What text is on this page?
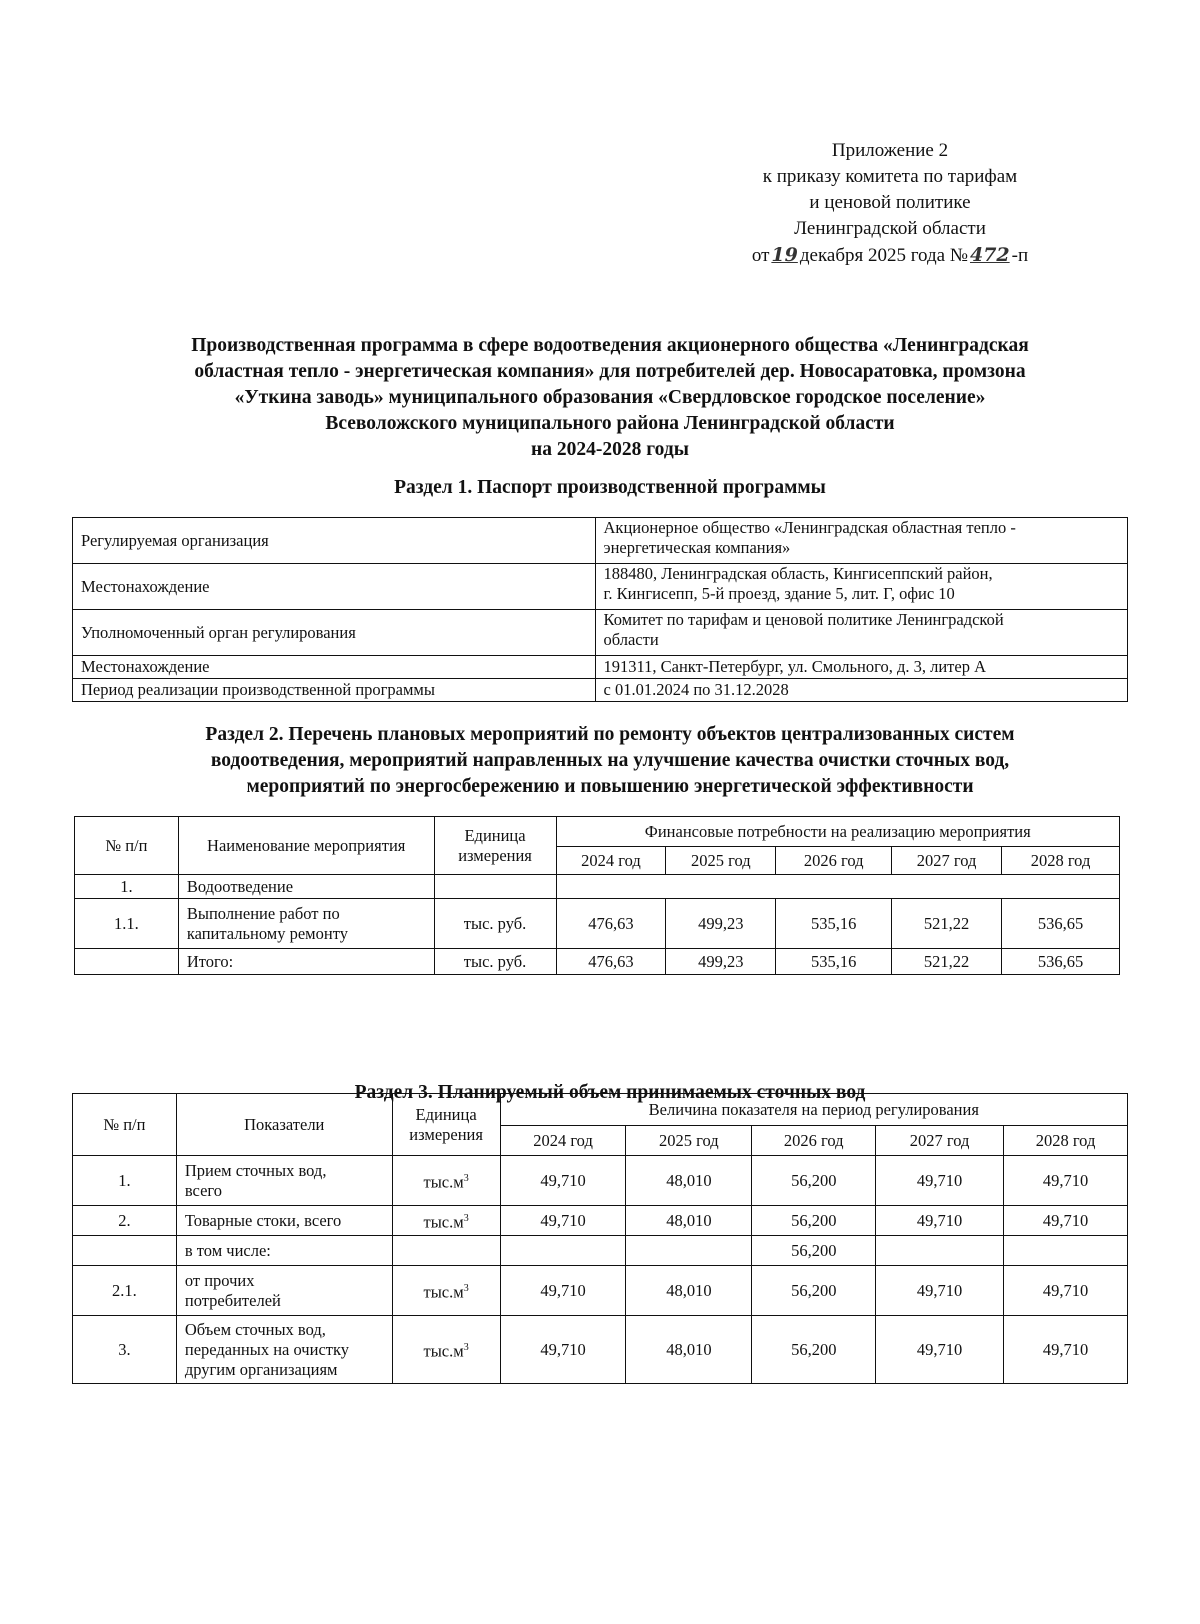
Приложение 2
к приказу комитета по тарифам
и ценовой политике
Ленинградской области
от 19 декабря 2025 года № 472 -п
Производственная программа в сфере водоотведения акционерного общества «Ленинградская
областная тепло - энергетическая компания» для потребителей дер. Новосаратовка, промзона
«Уткина заводь» муниципального образования «Свердловское городское поселение»
Всеволожского муниципального района Ленинградской области
на 2024-2028 годы
Раздел 1. Паспорт производственной программы
Регулируемая организация	Акционерное общество «Ленинградская областная тепло -
энергетическая компания»

Местонахождение	188480, Ленинградская область, Кингисеппский район,
г. Кингисепп, 5-й проезд, здание 5, лит. Г, офис 10

Уполномоченный орган регулирования	Комитет по тарифам и ценовой политике Ленинградской
области

Местонахождение	191311, Санкт-Петербург, ул. Смольного, д. 3, литер А
Период реализации производственной программы	с 01.01.2024 по 31.12.2028
Раздел 2. Перечень плановых мероприятий по ремонту объектов централизованных систем
водоотведения, мероприятий направленных на улучшение качества очистки сточных вод,
мероприятий по энергосбережению и повышению энергетической эффективности
№ п/п	Наименование мероприятия	Единица
измерения	Финансовые потребности на реализацию мероприятия				
			2024 год	2025 год	2026 год	2027 год	2028 год
1.	Водоотведение						
1.1.	Выполнение работ по
капитальному ремонту	тыс. руб.	476,63	499,23	535,16	521,22	536,65
	Итого:	тыс. руб.	476,63	499,23	535,16	521,22	536,65
Раздел 3. Планируемый объем принимаемых сточных вод
№ п/п	Показатели	Единица
измерения	Величина показателя на период регулирования				
			2024 год	2025 год	2026 год	2027 год	2028 год
1.	Прием сточных вод,
всего	$тыс.м^3$	49,710	48,010	56,200	49,710	49,710
2.	Товарные стоки, всего	$тыс.м^3$	49,710	48,010	56,200	49,710	49,710
	в том числе:				56,200		
2.1.	от прочих
потребителей	$тыс.м^3$	49,710	48,010	56,200	49,710	49,710
3.	Объем сточных вод,
переданных на очистку
другим организациям	$тыс.м^3$	49,710	48,010	56,200	49,710	49,710
